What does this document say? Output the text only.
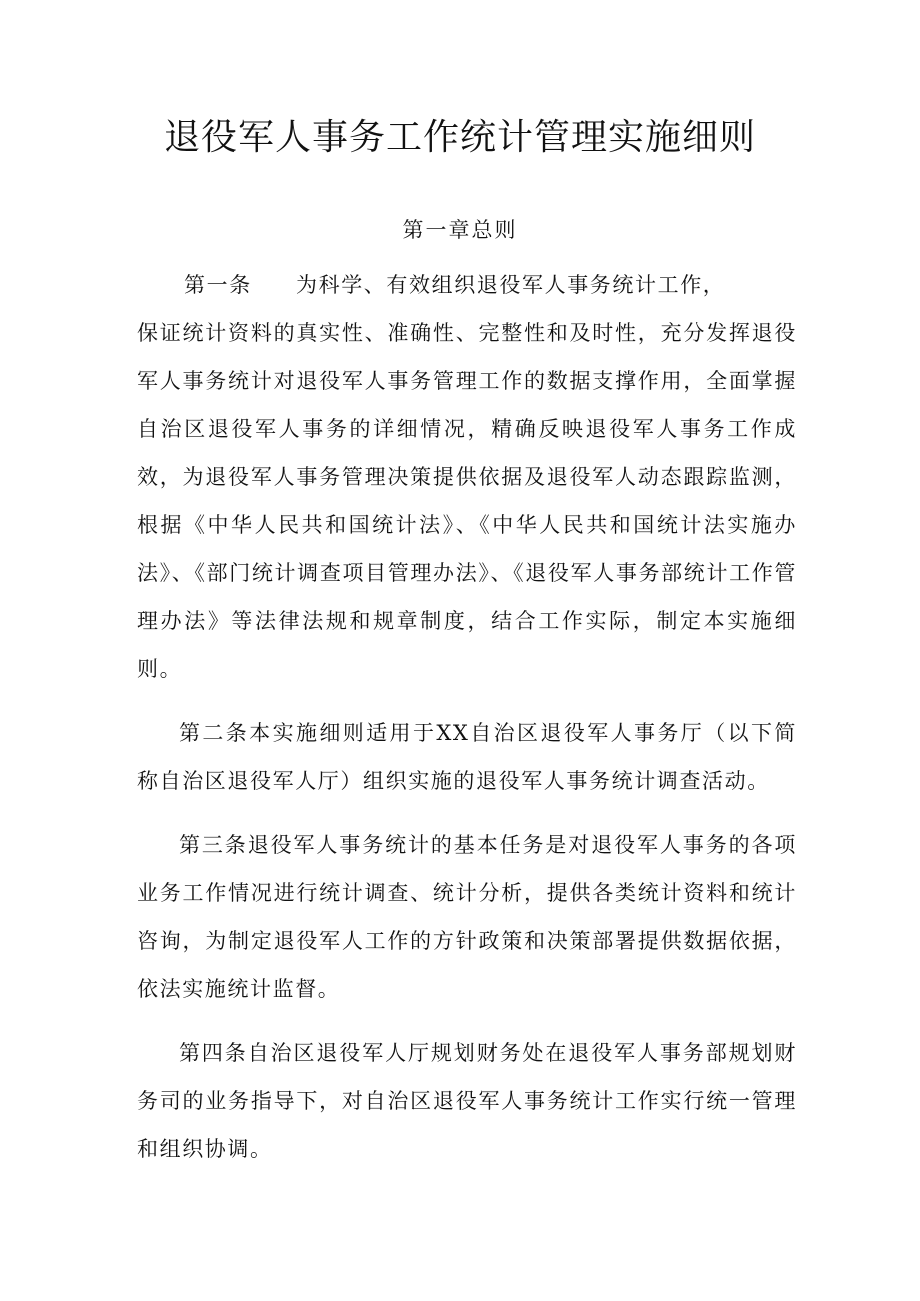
退役军人事务工作统计管理实施细则
第一章总则

第一条 为科学、有效组织退役军人事务统计工作，
保证统计资料的真实性、准确性、完整性和及时性，充分发挥退役军人事务统计对退役军人事务管理工作的数据支撑作用，全面掌握自治区退役军人事务的详细情况，精确反映退役军人事务工作成效，为退役军人事务管理决策提供依据及退役军人动态跟踪监测，根据《中华人民共和国统计法》、《中华人民共和国统计法实施办法》、《部门统计调查项目管理办法》、《退役军人事务部统计工作管理办法》等法律法规和规章制度，结合工作实际，制定本实施细则。

第二条本实施细则适用于XX自治区退役军人事务厅（以下简称自治区退役军人厅）组织实施的退役军人事务统计调查活动。

第三条退役军人事务统计的基本任务是对退役军人事务的各项业务工作情况进行统计调查、统计分析，提供各类统计资料和统计咨询，为制定退役军人工作的方针政策和决策部署提供数据依据，依法实施统计监督。

第四条自治区退役军人厅规划财务处在退役军人事务部规划财务司的业务指导下，对自治区退役军人事务统计工作实行统一管理和组织协调。
